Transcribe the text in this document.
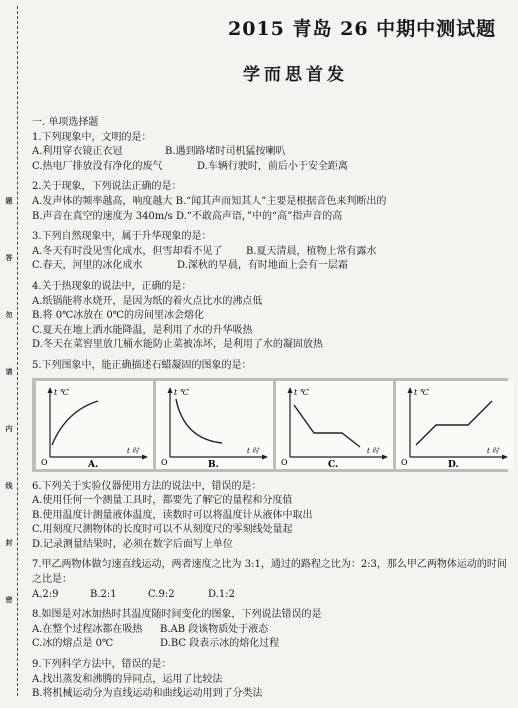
题
答
勿
请
内
线
封
密
2015 青岛 26 中期中测试题
学而思首发

一. 单项选择题

1.下列现象中，文明的是：

A.利用穿衣镜正衣冠	B.遇到路堵时司机猛按喇叭
C.热电厂排放没有净化的废气	D.车辆行驶时，前后小于安全距离

2.关于现象，下列说法正确的是：

A.发声体的频率越高，响度越大 B.“闻其声而知其人”主要是根据音色来判断出的

B.声音在真空的速度为 340m/s D.“不敢高声语，”中的“高”指声音的高

3.下列自然现象中，属于升华现象的是：

A.冬天有时没见雪化成水，但雪却看不见了	B.夏天清晨，植物上常有露水
C.春天，河里的冰化成水	D.深秋的早晨，有时地面上会有一层霜

4.关于热现象的说法中，正确的是：

A.纸锅能将水烧开，是因为纸的着火点比水的沸点低

B.将 0℃冰放在 0℃的房间里冰会熔化

C.夏天在地上洒水能降温，是利用了水的升华吸热

D.冬天在菜窖里放几桶水能防止菜被冻坏，是利用了水的凝固放热

5.下列图象中，能正确描述石蜡凝固的图象的是：

t ℃
t 时
O	A.
t ℃
t 时
O	B.
t ℃
t 时
O	C.
t ℃
t 时
O	D.

6.下列关于实验仪器使用方法的说法中，错误的是：

A.使用任何一个测量工具时，都要先了解它的量程和分度值

B.使用温度计测量液体温度，读数时可以将温度计从液体中取出

C.用刻度尺测物体的长度时可以不从刻度尺的零刻线处量起

D.记录测量结果时，必须在数字后面写上单位

7.甲乙两物体做匀速直线运动，两者速度之比为 3:1，通过的路程之比为：2:3，那么甲乙两物体运动的时间之比是：

A.2:9	B.2:1	C.9:2	D.1:2

8.如图是对冰加热时其温度随时间变化的图象，下列说法错误的是

A.在整个过程冰都在吸热	B.AB 段该物质处于液态
C.冰的熔点是 0℃	D.BC 段表示冰的熔化过程

9.下列科学方法中，错误的是：

A.找出蒸发和沸腾的异同点，运用了比较法

B.将机械运动分为直线运动和曲线运动用到了分类法
